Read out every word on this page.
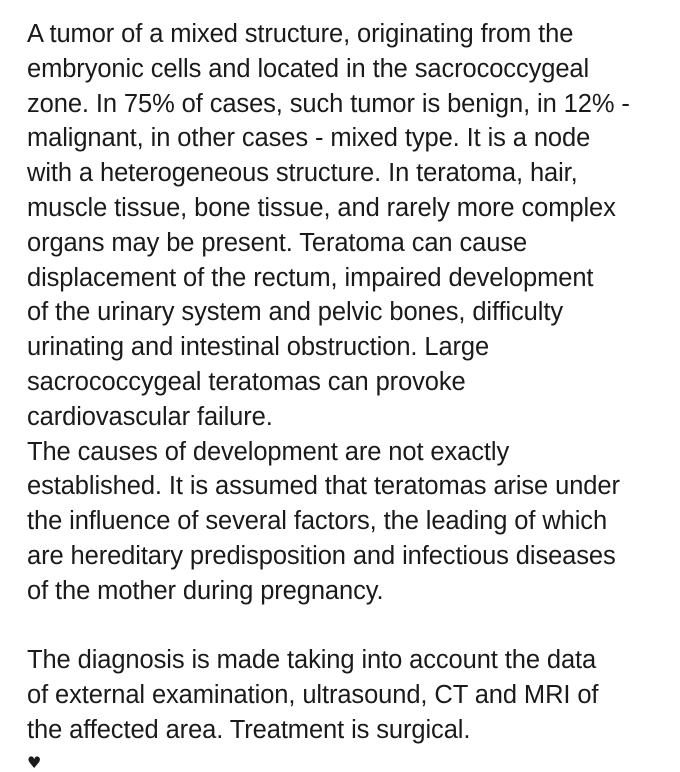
A tumor of a mixed structure, originating from the
embryonic cells and located in the sacrococcygeal
zone. In 75% of cases, such tumor is benign, in 12% -
malignant, in other cases - mixed type. It is a node
with a heterogeneous structure. In teratoma, hair,
muscle tissue, bone tissue, and rarely more complex
organs may be present. Teratoma can cause
displacement of the rectum, impaired development
of the urinary system and pelvic bones, difficulty
urinating and intestinal obstruction. Large
sacrococcygeal teratomas can provoke
cardiovascular failure.
The causes of development are not exactly
established. It is assumed that teratomas arise under
the influence of several factors, the leading of which
are hereditary predisposition and infectious diseases
of the mother during pregnancy.
The diagnosis is made taking into account the data
of external examination, ultrasound, CT and MRI of
the affected area. Treatment is surgical.
♥
